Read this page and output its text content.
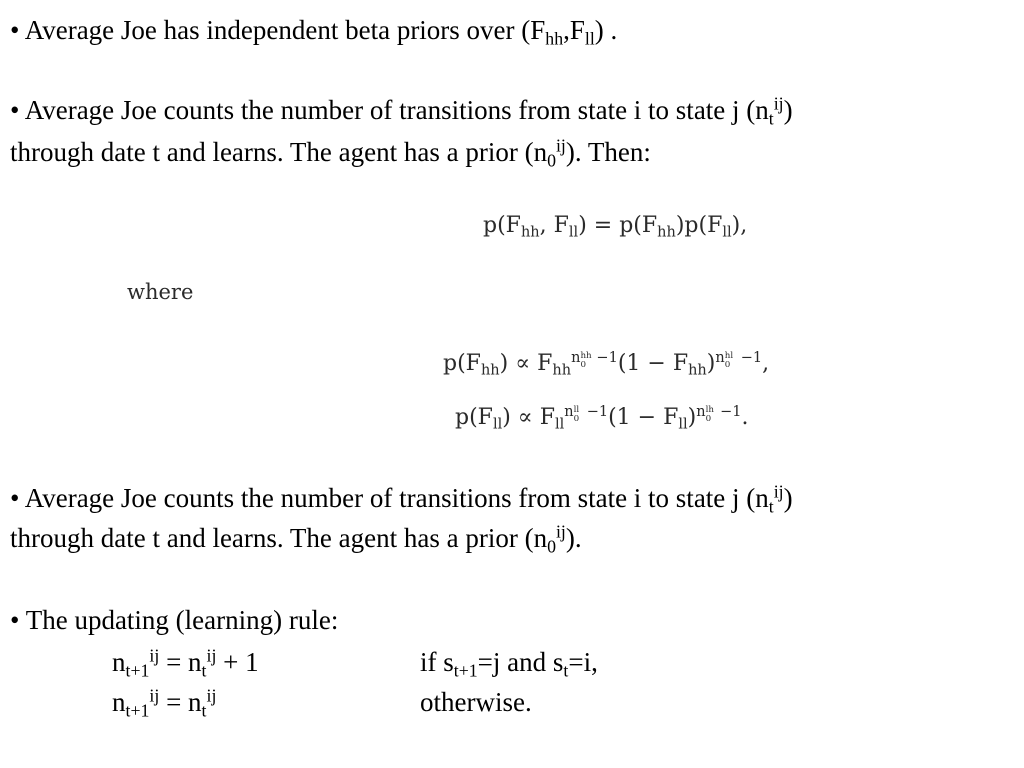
• Average Joe has independent beta priors over $(F_{hh},F_{ll})$ .
• Average Joe counts the number of transitions from state i to state j $(n_t^{ij})$
through date t and learns. The agent has a prior $(n_0^{ij})$. Then:
$p(F_{hh}$, $F_{ll}) = p(F_{hh})p(F_{ll})$,
where
$p(F_{hh}) \propto F_{hh}^{n hh 0 -1}(1 - F_{hh})^{n hl 0 -1}$,
$p(F_{ll}) \propto F_{ll}^{n ll 0 -1}(1 - F_{ll})^{n lh 0 -1}$.
• Average Joe counts the number of transitions from state i to state j $(n_t^{ij})$
through date t and learns. The agent has a prior $(n_0^{ij})$.
• The updating (learning) rule:
$n_{t+1}^{ij} = n_t^{ij} + 1$	if $s_{t+1}=j$ and $s_t=i$,
$n_{t+1}^{ij} = n_t^{ij}$	otherwise.
